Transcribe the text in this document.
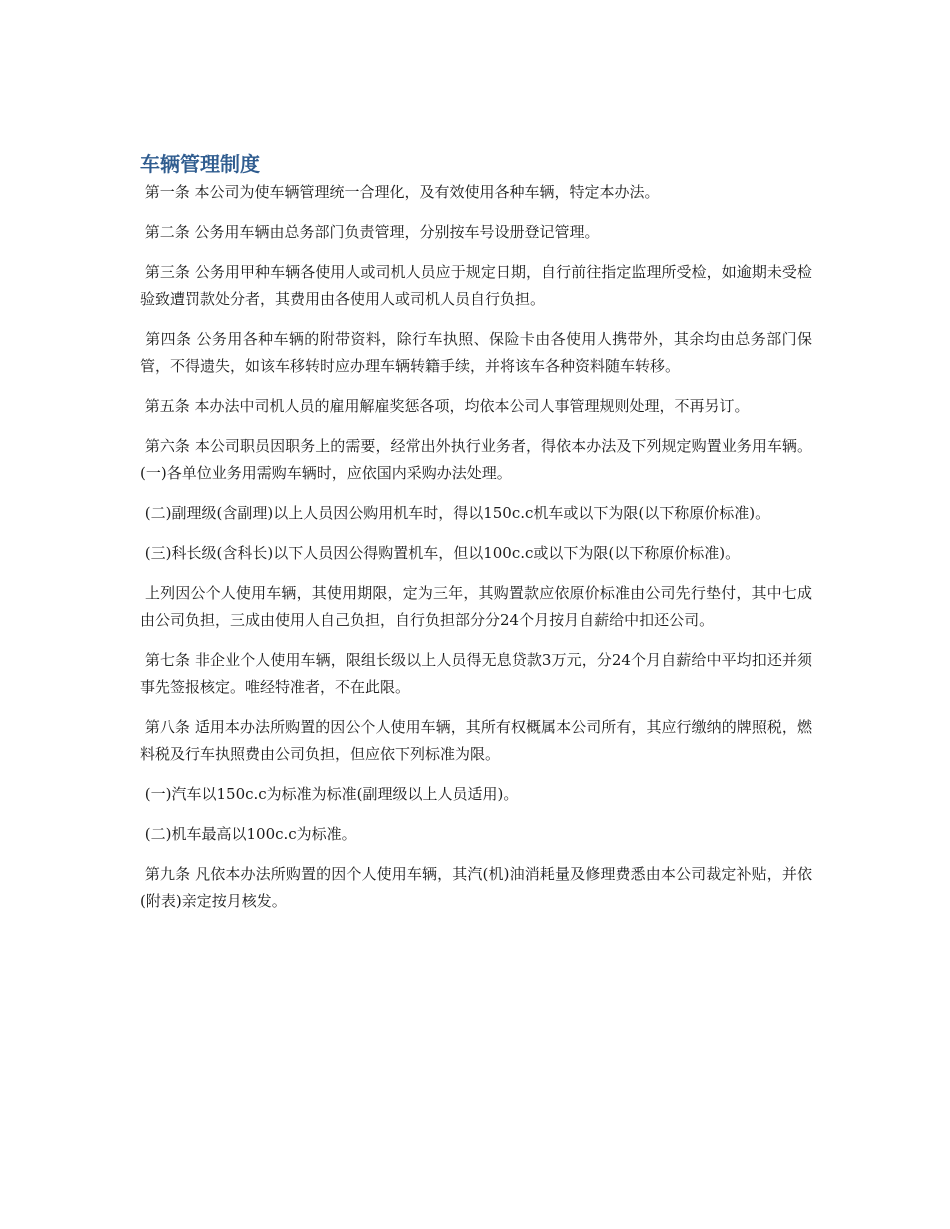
车辆管理制度

第一条 本公司为使车辆管理统一合理化，及有效使用各种车辆，特定本办法。

第二条 公务用车辆由总务部门负责管理，分别按车号设册登记管理。

第三条 公务用甲种车辆各使用人或司机人员应于规定日期，自行前往指定监理所受检，如逾期未受检验致遭罚款处分者，其费用由各使用人或司机人员自行负担。

第四条 公务用各种车辆的附带资料，除行车执照、保险卡由各使用人携带外，其余均由总务部门保管，不得遗失，如该车移转时应办理车辆转籍手续，并将该车各种资料随车转移。

第五条 本办法中司机人员的雇用解雇奖惩各项，均依本公司人事管理规则处理，不再另订。

第六条 本公司职员因职务上的需要，经常出外执行业务者，得依本办法及下列规定购置业务用车辆。(一)各单位业务用需购车辆时，应依国内采购办法处理。

(二)副理级(含副理)以上人员因公购用机车时，得以150c.c机车或以下为限(以下称原价标准)。

(三)科长级(含科长)以下人员因公得购置机车，但以100c.c或以下为限(以下称原价标准)。

上列因公个人使用车辆，其使用期限，定为三年，其购置款应依原价标准由公司先行垫付，其中七成由公司负担，三成由使用人自己负担，自行负担部分分24个月按月自薪给中扣还公司。

第七条 非企业个人使用车辆，限组长级以上人员得无息贷款3万元，分24个月自薪给中平均扣还并须事先签报核定。唯经特准者，不在此限。

第八条 适用本办法所购置的因公个人使用车辆，其所有权概属本公司所有，其应行缴纳的牌照税，燃料税及行车执照费由公司负担，但应依下列标准为限。

(一)汽车以150c.c为标准为标准(副理级以上人员适用)。

(二)机车最高以100c.c为标准。

第九条 凡依本办法所购置的因个人使用车辆，其汽(机)油消耗量及修理费悉由本公司裁定补贴，并依(附表)亲定按月核发。
